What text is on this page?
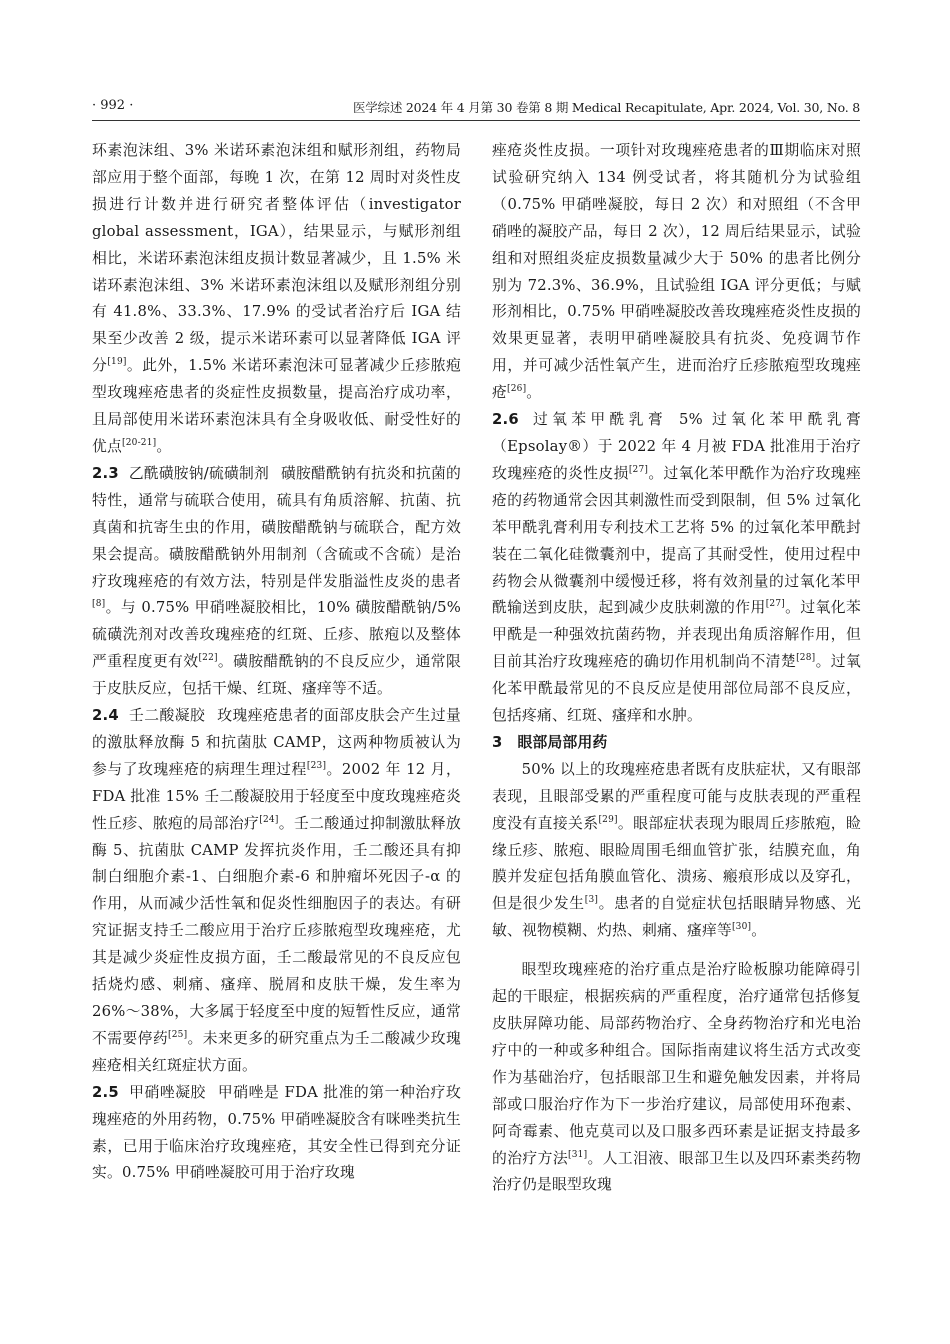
· 992 ·	医学综述 2024 年 4 月第 30 卷第 8 期 Medical Recapitulate, Apr. 2024, Vol. 30, No. 8

环素泡沫组、3% 米诺环素泡沫组和赋形剂组，药物局部应用于整个面部，每晚 1 次，在第 12 周时对炎性皮损进行计数并进行研究者整体评估（investigator global assessment，IGA），结果显示，与赋形剂组相比，米诺环素泡沫组皮损计数显著减少，且 1.5% 米诺环素泡沫组、3% 米诺环素泡沫组以及赋形剂组分别有 41.8%、33.3%、17.9% 的受试者治疗后 IGA 结果至少改善 2 级，提示米诺环素可以显著降低 IGA 评分[19]。此外，1.5% 米诺环素泡沫可显著减少丘疹脓疱型玫瑰痤疮患者的炎症性皮损数量，提高治疗成功率，且局部使用米诺环素泡沫具有全身吸收低、耐受性好的优点[20-21]。

2.3 乙酰磺胺钠/硫磺制剂 磺胺醋酰钠有抗炎和抗菌的特性，通常与硫联合使用，硫具有角质溶解、抗菌、抗真菌和抗寄生虫的作用，磺胺醋酰钠与硫联合，配方效果会提高。磺胺醋酰钠外用制剂（含硫或不含硫）是治疗玫瑰痤疮的有效方法，特别是伴发脂溢性皮炎的患者[8]。与 0.75% 甲硝唑凝胶相比，10% 磺胺醋酰钠/5% 硫磺洗剂对改善玫瑰痤疮的红斑、丘疹、脓疱以及整体严重程度更有效[22]。磺胺醋酰钠的不良反应少，通常限于皮肤反应，包括干燥、红斑、瘙痒等不适。

2.4 壬二酸凝胶 玫瑰痤疮患者的面部皮肤会产生过量的激肽释放酶 5 和抗菌肽 CAMP，这两种物质被认为参与了玫瑰痤疮的病理生理过程[23]。2002 年 12 月，FDA 批准 15% 壬二酸凝胶用于轻度至中度玫瑰痤疮炎性丘疹、脓疱的局部治疗[24]。壬二酸通过抑制激肽释放酶 5、抗菌肽 CAMP 发挥抗炎作用，壬二酸还具有抑制白细胞介素-1、白细胞介素-6 和肿瘤坏死因子-α 的作用，从而减少活性氧和促炎性细胞因子的表达。有研究证据支持壬二酸应用于治疗丘疹脓疱型玫瑰痤疮，尤其是减少炎症性皮损方面，壬二酸最常见的不良反应包括烧灼感、刺痛、瘙痒、脱屑和皮肤干燥，发生率为 26%～38%，大多属于轻度至中度的短暂性反应，通常不需要停药[25]。未来更多的研究重点为壬二酸减少玫瑰痤疮相关红斑症状方面。

2.5 甲硝唑凝胶 甲硝唑是 FDA 批准的第一种治疗玫瑰痤疮的外用药物，0.75% 甲硝唑凝胶含有咪唑类抗生素，已用于临床治疗玫瑰痤疮，其安全性已得到充分证实。0.75% 甲硝唑凝胶可用于治疗玫瑰

痤疮炎性皮损。一项针对玫瑰痤疮患者的Ⅲ期临床对照试验研究纳入 134 例受试者，将其随机分为试验组（0.75% 甲硝唑凝胶，每日 2 次）和对照组（不含甲硝唑的凝胶产品，每日 2 次），12 周后结果显示，试验组和对照组炎症皮损数量减少大于 50% 的患者比例分别为 72.3%、36.9%，且试验组 IGA 评分更低；与赋形剂相比，0.75% 甲硝唑凝胶改善玫瑰痤疮炎性皮损的效果更显著，表明甲硝唑凝胶具有抗炎、免疫调节作用，并可减少活性氧产生，进而治疗丘疹脓疱型玫瑰痤疮[26]。

2.6 过氧苯甲酰乳膏 5% 过氧化苯甲酰乳膏（Epsolay®）于 2022 年 4 月被 FDA 批准用于治疗玫瑰痤疮的炎性皮损[27]。过氧化苯甲酰作为治疗玫瑰痤疮的药物通常会因其刺激性而受到限制，但 5% 过氧化苯甲酰乳膏利用专利技术工艺将 5% 的过氧化苯甲酰封装在二氧化硅微囊剂中，提高了其耐受性，使用过程中药物会从微囊剂中缓慢迁移，将有效剂量的过氧化苯甲酰输送到皮肤，起到减少皮肤刺激的作用[27]。过氧化苯甲酰是一种强效抗菌药物，并表现出角质溶解作用，但目前其治疗玫瑰痤疮的确切作用机制尚不清楚[28]。过氧化苯甲酰最常见的不良反应是使用部位局部不良反应，包括疼痛、红斑、瘙痒和水肿。

3　眼部局部用药

50% 以上的玫瑰痤疮患者既有皮肤症状，又有眼部表现，且眼部受累的严重程度可能与皮肤表现的严重程度没有直接关系[29]。眼部症状表现为眼周丘疹脓疱，睑缘丘疹、脓疱、眼睑周围毛细血管扩张，结膜充血，角膜并发症包括角膜血管化、溃疡、瘢痕形成以及穿孔，但是很少发生[3]。患者的自觉症状包括眼睛异物感、光敏、视物模糊、灼热、刺痛、瘙痒等[30]。

眼型玫瑰痤疮的治疗重点是治疗睑板腺功能障碍引起的干眼症，根据疾病的严重程度，治疗通常包括修复皮肤屏障功能、局部药物治疗、全身药物治疗和光电治疗中的一种或多种组合。国际指南建议将生活方式改变作为基础治疗，包括眼部卫生和避免触发因素，并将局部或口服治疗作为下一步治疗建议，局部使用环孢素、阿奇霉素、他克莫司以及口服多西环素是证据支持最多的治疗方法[31]。人工泪液、眼部卫生以及四环素类药物治疗仍是眼型玫瑰
